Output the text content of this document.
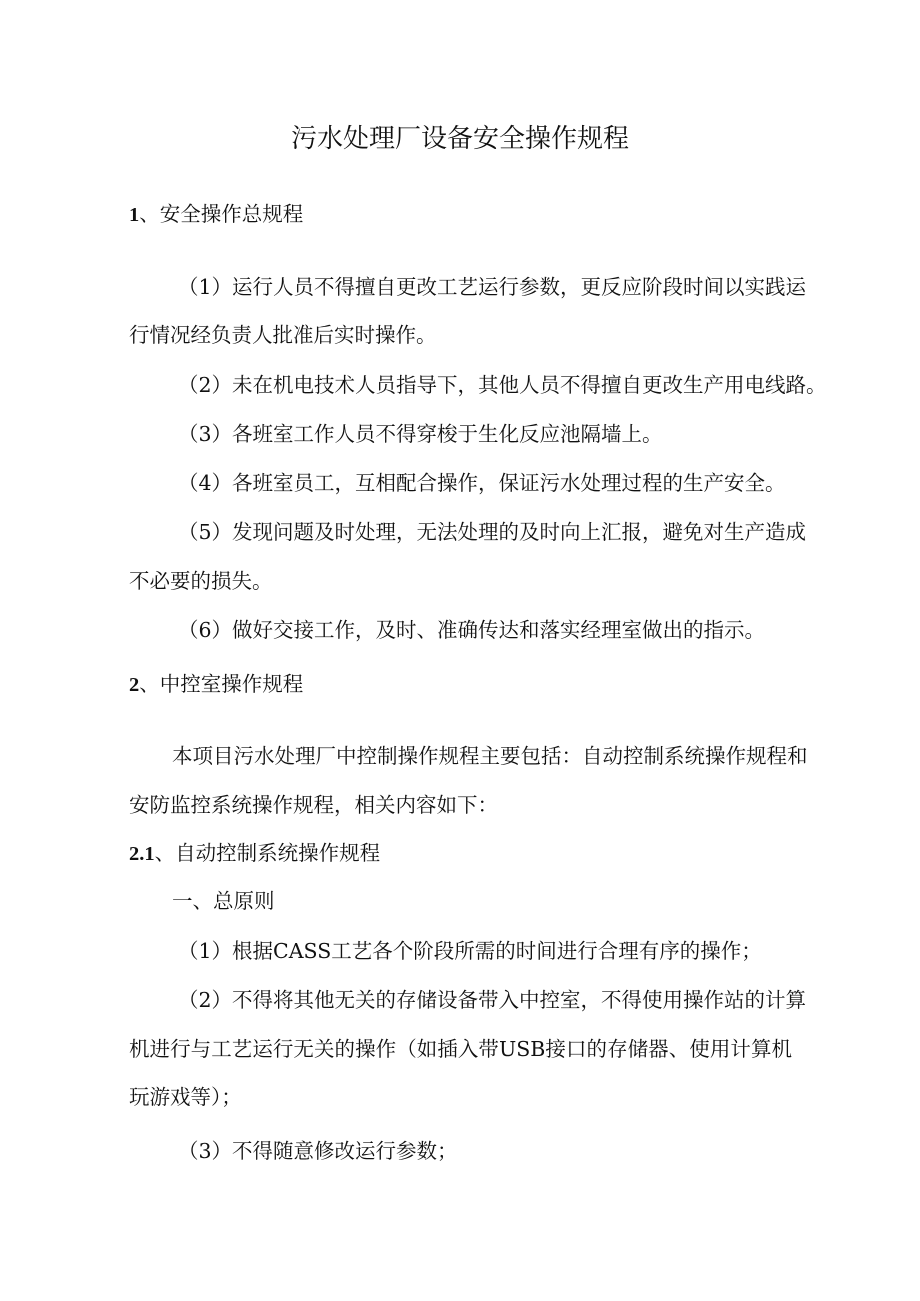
污水处理厂设备安全操作规程
1、安全操作总规程
（1）运行人员不得擅自更改工艺运行参数，更反应阶段时间以实践运
行情况经负责人批准后实时操作。
（2）未在机电技术人员指导下，其他人员不得擅自更改生产用电线路。
（3）各班室工作人员不得穿梭于生化反应池隔墙上。
（4）各班室员工，互相配合操作，保证污水处理过程的生产安全。
（5）发现问题及时处理，无法处理的及时向上汇报，避免对生产造成
不必要的损失。
（6）做好交接工作，及时、准确传达和落实经理室做出的指示。
2、中控室操作规程
本项目污水处理厂中控制操作规程主要包括：自动控制系统操作规程和
安防监控系统操作规程，相关内容如下：
2.1、自动控制系统操作规程
一、总原则
（1）根据CASS工艺各个阶段所需的时间进行合理有序的操作；
（2）不得将其他无关的存储设备带入中控室，不得使用操作站的计算
机进行与工艺运行无关的操作（如插入带USB接口的存储器、使用计算机
玩游戏等）；
（3）不得随意修改运行参数；
